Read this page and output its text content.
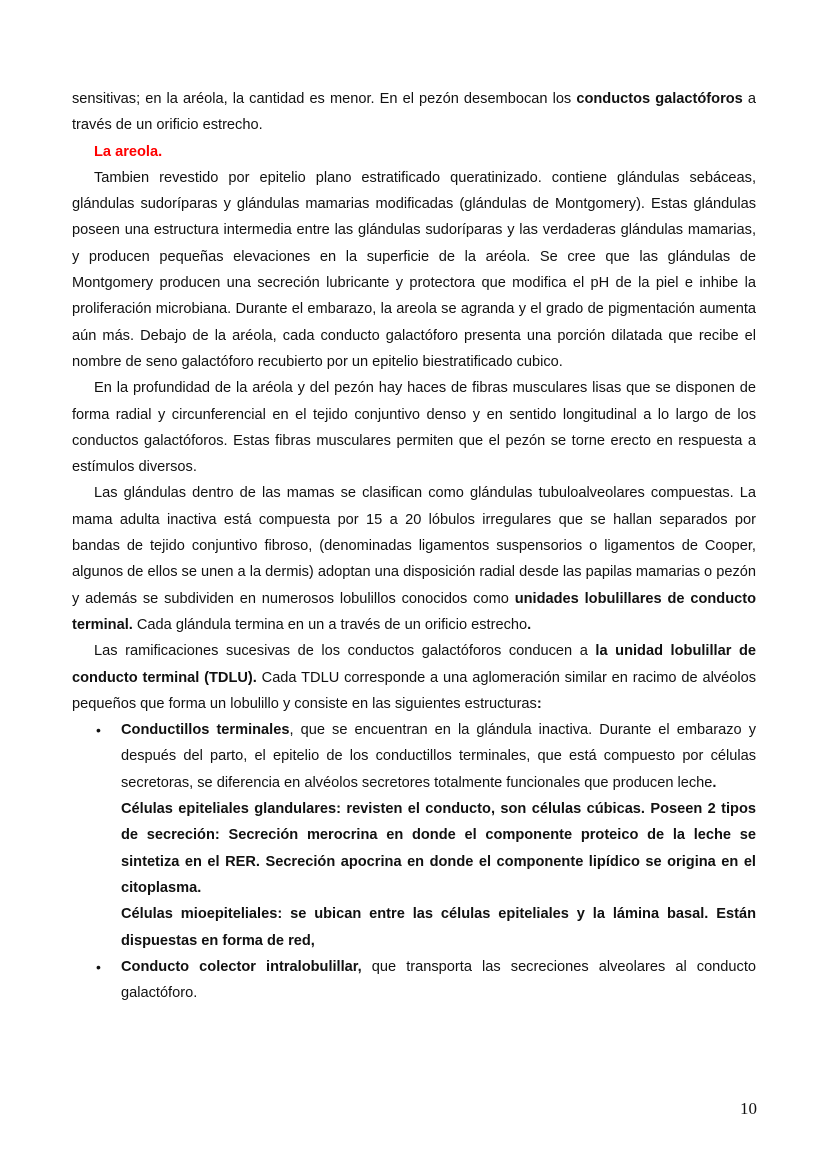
sensitivas; en la aréola, la cantidad es menor. En el pezón desembocan los conductos galactóforos a través de un orificio estrecho.

La areola.

Tambien revestido por epitelio plano estratificado queratinizado. contiene glándulas sebáceas, glándulas sudoríparas y glándulas mamarias modificadas (glándulas de Montgomery). Estas glándulas poseen una estructura intermedia entre las glándulas sudoríparas y las verdaderas glándulas mamarias, y producen pequeñas elevaciones en la superficie de la aréola. Se cree que las glándulas de Montgomery producen una secreción lubricante y protectora que modifica el pH de la piel e inhibe la proliferación microbiana. Durante el embarazo, la areola se agranda y el grado de pigmentación aumenta aún más. Debajo de la aréola, cada conducto galactóforo presenta una porción dilatada que recibe el nombre de seno galactóforo recubierto por un epitelio biestratificado cubico.

En la profundidad de la aréola y del pezón hay haces de fibras musculares lisas que se disponen de forma radial y circunferencial en el tejido conjuntivo denso y en sentido longitudinal a lo largo de los conductos galactóforos. Estas fibras musculares permiten que el pezón se torne erecto en respuesta a estímulos diversos.

Las glándulas dentro de las mamas se clasifican como glándulas tubuloalveolares compuestas. La mama adulta inactiva está compuesta por 15 a 20 lóbulos irregulares que se hallan separados por bandas de tejido conjuntivo fibroso, (denominadas ligamentos suspensorios o ligamentos de Cooper, algunos de ellos se unen a la dermis) adoptan una disposición radial desde las papilas mamarias o pezón y además se subdividen en numerosos lobulillos conocidos como unidades lobulillares de conducto terminal. Cada glándula termina en un a través de un orificio estrecho.

Las ramificaciones sucesivas de los conductos galactóforos conducen a la unidad lobulillar de conducto terminal (TDLU). Cada TDLU corresponde a una aglomeración similar en racimo de alvéolos pequeños que forma un lobulillo y consiste en las siguientes estructuras:

• Conductillos terminales, que se encuentran en la glándula inactiva. Durante el embarazo y después del parto, el epitelio de los conductillos terminales, que está compuesto por células secretoras, se diferencia en alvéolos secretores totalmente funcionales que producen leche.

Células epiteliales glandulares: revisten el conducto, son células cúbicas. Poseen 2 tipos de secreción: Secreción merocrina en donde el componente proteico de la leche se sintetiza en el RER. Secreción apocrina en donde el componente lipídico se origina en el citoplasma.

Células mioepiteliales: se ubican entre las células epiteliales y la lámina basal. Están dispuestas en forma de red,

• Conducto colector intralobulillar, que transporta las secreciones alveolares al conducto galactóforo.

10
